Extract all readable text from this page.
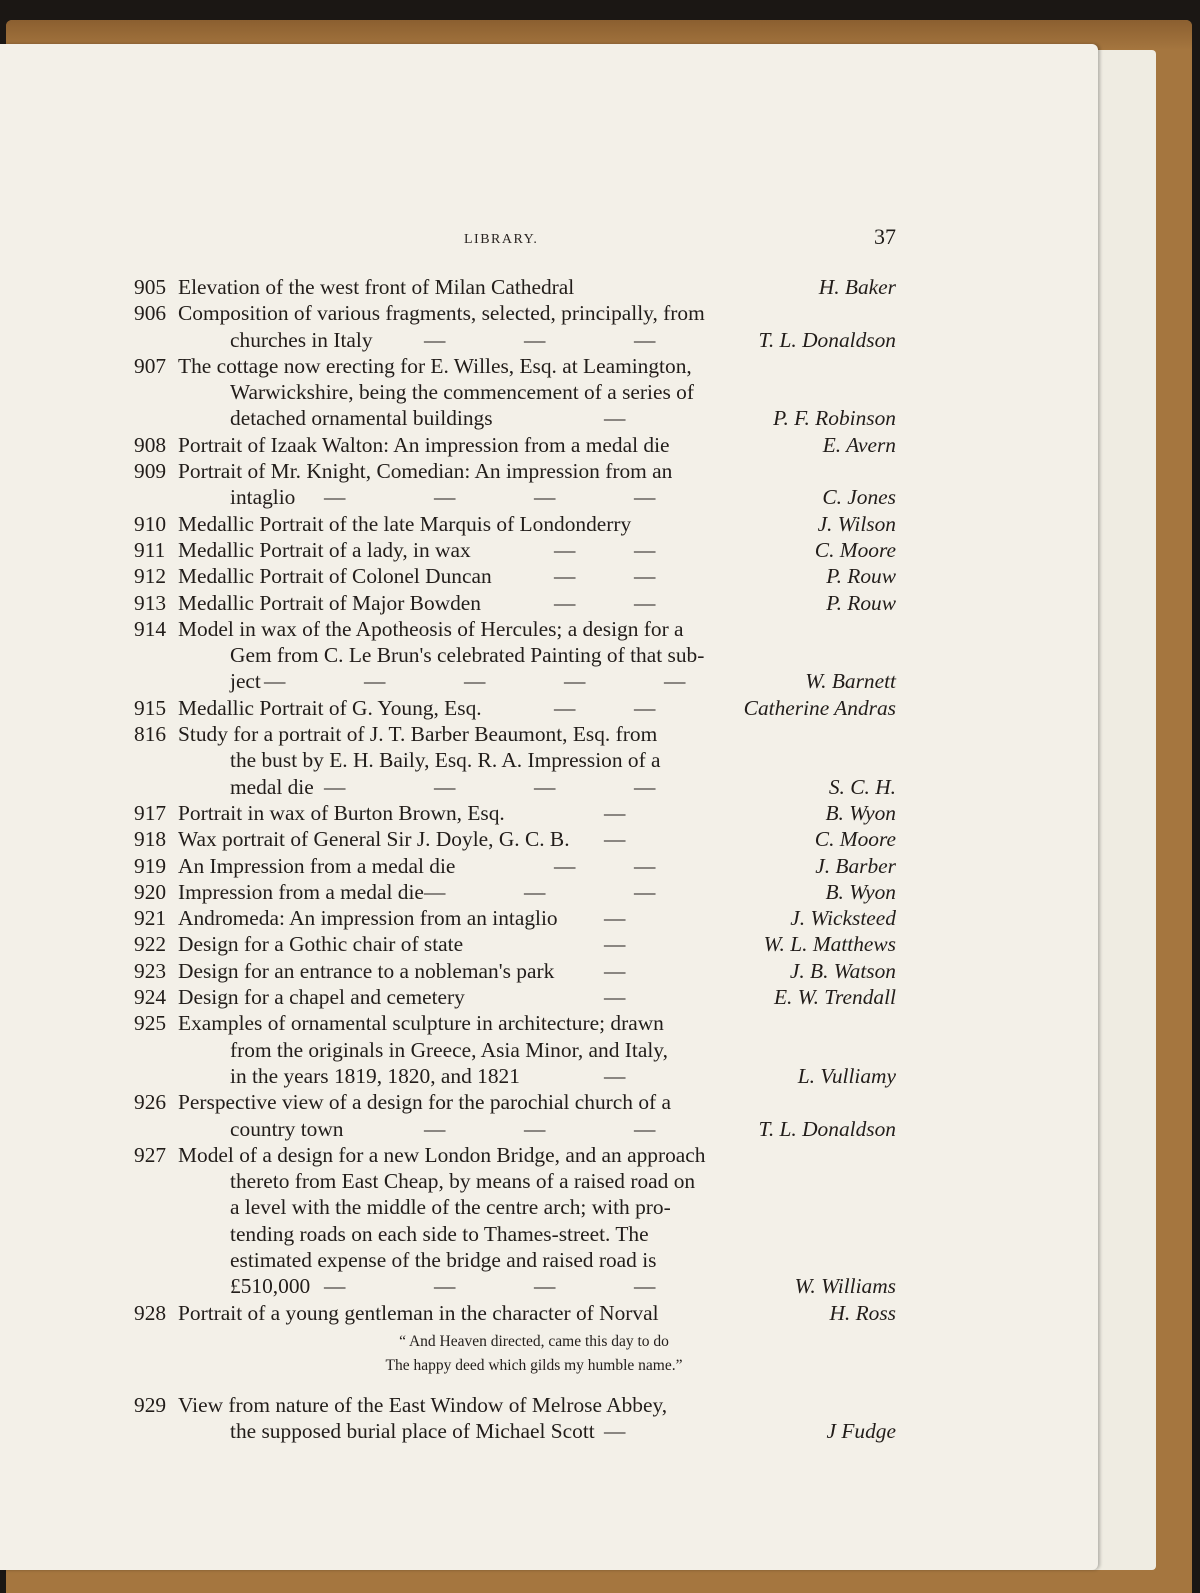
LIBRARY.	37
905 Elevation of the west front of Milan Cathedral	H. Baker
906 Composition of various fragments, selected, principally, from
churches in Italy —	—	—	T. L. Donaldson
907 The cottage now erecting for E. Willes, Esq. at Leamington,
Warwickshire, being the commencement of a series of
detached ornamental buildings	—	P. F. Robinson
908 Portrait of Izaak Walton: An impression from a medal die	E. Avern
909 Portrait of Mr. Knight, Comedian: An impression from an
intaglio —	—	—	—	C. Jones
910 Medallic Portrait of the late Marquis of Londonderry	J. Wilson
911 Medallic Portrait of a lady, in wax	—	—	C. Moore
912 Medallic Portrait of Colonel Duncan	—	—	P. Rouw
913 Medallic Portrait of Major Bowden	—	—	P. Rouw
914 Model in wax of the Apotheosis of Hercules; a design for a
Gem from C. Le Brun's celebrated Painting of that sub-
ject —	—	—	—	—	W. Barnett
915 Medallic Portrait of G. Young, Esq.	—	—	Catherine Andras
816 Study for a portrait of J. T. Barber Beaumont, Esq. from
the bust by E. H. Baily, Esq. R. A. Impression of a
medal die —	—	—	—	S. C. H.
917 Portrait in wax of Burton Brown, Esq.	—	B. Wyon
918 Wax portrait of General Sir J. Doyle, G. C. B. —	C. Moore
919 An Impression from a medal die	—	—	J. Barber
920 Impression from a medal die —	—	—	B. Wyon
921 Andromeda: An impression from an intaglio —	J. Wicksteed
922 Design for a Gothic chair of state	—	W. L. Matthews
923 Design for an entrance to a nobleman's park —	J. B. Watson
924 Design for a chapel and cemetery	—	E. W. Trendall
925 Examples of ornamental sculpture in architecture; drawn
from the originals in Greece, Asia Minor, and Italy,
in the years 1819, 1820, and 1821	—	L. Vulliamy
926 Perspective view of a design for the parochial church of a
country town	—	—	—	T. L. Donaldson
927 Model of a design for a new London Bridge, and an approach
thereto from East Cheap, by means of a raised road on
a level with the middle of the centre arch; with pro-
tending roads on each side to Thames-street. The
estimated expense of the bridge and raised road is
£510,000 —	—	—	—	W. Williams
928 Portrait of a young gentleman in the character of Norval	H. Ross
“ And Heaven directed, came this day to do
The happy deed which gilds my humble name.”
929 View from nature of the East Window of Melrose Abbey,
the supposed burial place of Michael Scott —	J Fudge
